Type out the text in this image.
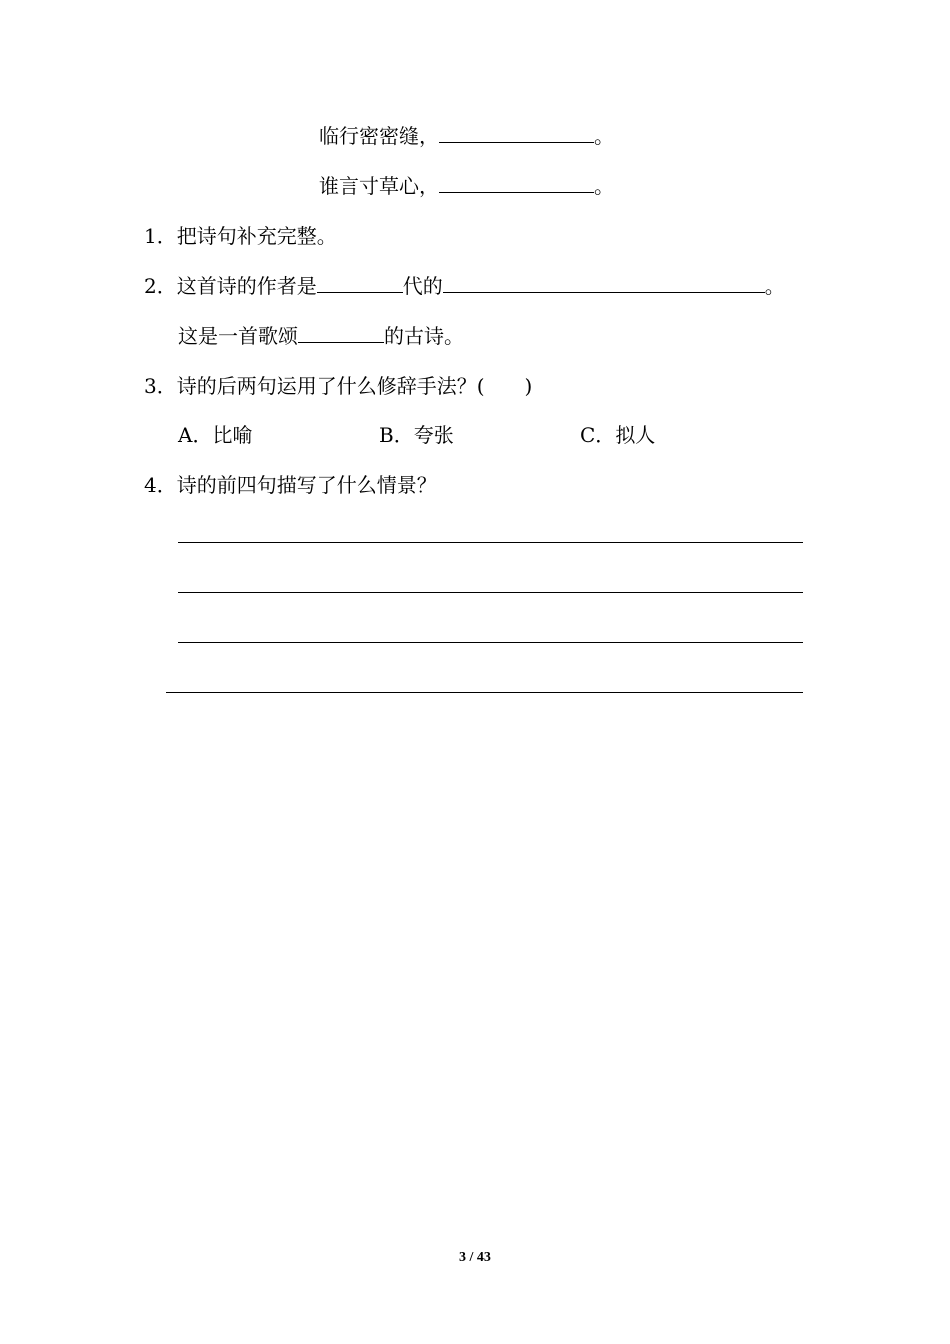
临行密密缝，	。
谁言寸草心，	。
1．把诗句补充完整。
2．这首诗的作者是	代的	。
这是一首歌颂	的古诗。
3．诗的后两句运用了什么修辞手法？( )
A．比喻	B．夸张	C．拟人
4．诗的前四句描写了什么情景？
3 / 43
